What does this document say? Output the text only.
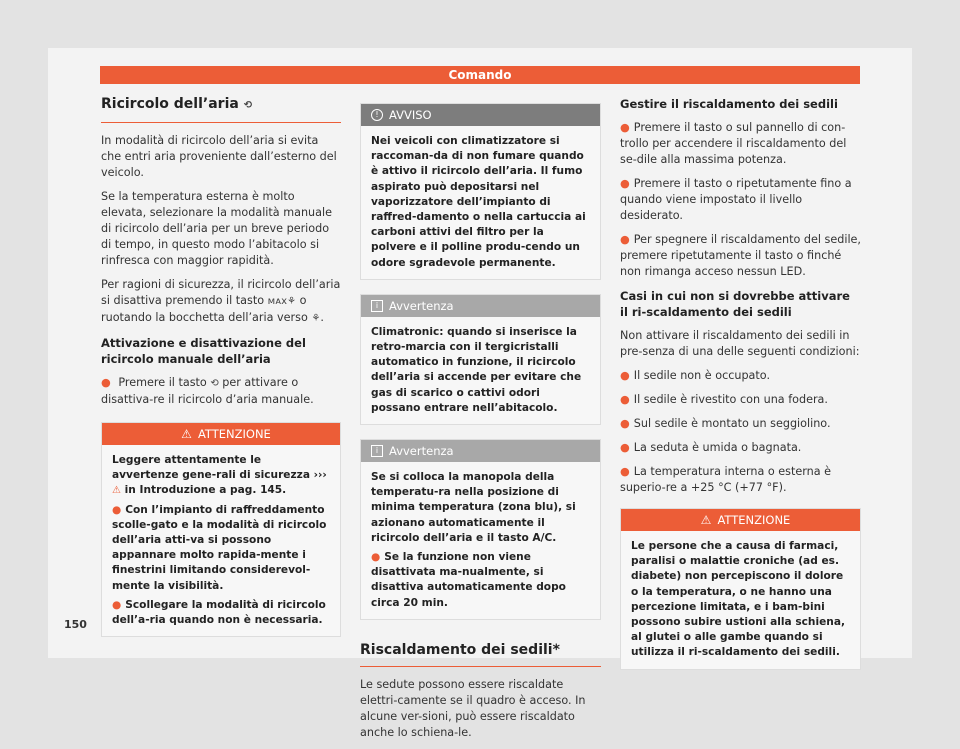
Comando
Ricircolo dell’aria ⟲

In modalità di ricircolo dell’aria si evita che entri aria proveniente dall’esterno del veicolo.

Se la temperatura esterna è molto elevata, selezionare la modalità manuale di ricircolo dell’aria per un breve periodo di tempo, in questo modo l’abitacolo si rinfresca con maggior rapidità.

Per ragioni di sicurezza, il ricircolo dell’aria si disattiva premendo il tasto ᴍᴀx⚘ o ruotando la bocchetta dell’aria verso ⚘.

Attivazione e disattivazione del ricircolo manuale dell’aria

● Premere il tasto ⟲ per attivare o disattiva-re il ricircolo d’aria manuale.

⚠ ATTENZIONE

Leggere attentamente le avvertenze gene-rali di sicurezza ››› ⚠ in Introduzione a pag. 145.

● Con l’impianto di raffreddamento scolle-gato e la modalità di ricircolo dell’aria atti-va si possono appannare molto rapida-mente i finestrini limitando considerevol-mente la visibilità.

● Scollegare la modalità di ricircolo dell’a-ria quando non è necessaria.

! AVVISO
Nei veicoli con climatizzatore si raccoman-da di non fumare quando è attivo il ricircolo dell’aria. Il fumo aspirato può depositarsi nel vaporizzatore dell’impianto di raffred-damento o nella cartuccia ai carboni attivi del filtro per la polvere e il polline produ-cendo un odore sgradevole permanente.
i Avvertenza
Climatronic: quando si inserisce la retro-marcia con il tergicristalli automatico in funzione, il ricircolo dell’aria si accende per evitare che gas di scarico o cattivi odori possano entrare nell’abitacolo.
i Avvertenza

Se si colloca la manopola della temperatu-ra nella posizione di minima temperatura (zona blu), si azionano automaticamente il ricircolo dell’aria e il tasto A/C.

● Se la funzione non viene disattivata ma-nualmente, si disattiva automaticamente dopo circa 20 min.

Riscaldamento dei sedili*

Le sedute possono essere riscaldate elettri-camente se il quadro è acceso. In alcune ver-sioni, può essere riscaldato anche lo schiena-le.

Gestire il riscaldamento dei sedili

● Premere il tasto o sul pannello di con-trollo per accendere il riscaldamento del se-dile alla massima potenza.

● Premere il tasto o ripetutamente fino a quando viene impostato il livello desiderato.

● Per spegnere il riscaldamento del sedile, premere ripetutamente il tasto o finché non rimanga acceso nessun LED.

Casi in cui non si dovrebbe attivare il ri-scaldamento dei sedili

Non attivare il riscaldamento dei sedili in pre-senza di una delle seguenti condizioni:

● Il sedile non è occupato.

● Il sedile è rivestito con una fodera.

● Sul sedile è montato un seggiolino.

● La seduta è umida o bagnata.

● La temperatura interna o esterna è superio-re a +25 °C (+77 °F).

⚠ ATTENZIONE
Le persone che a causa di farmaci, paralisi o malattie croniche (ad es. diabete) non percepiscono il dolore o la temperatura, o ne hanno una percezione limitata, e i bam-bini possono subire ustioni alla schiena, al glutei o alle gambe quando si utilizza il ri-scaldamento dei sedili.
150
